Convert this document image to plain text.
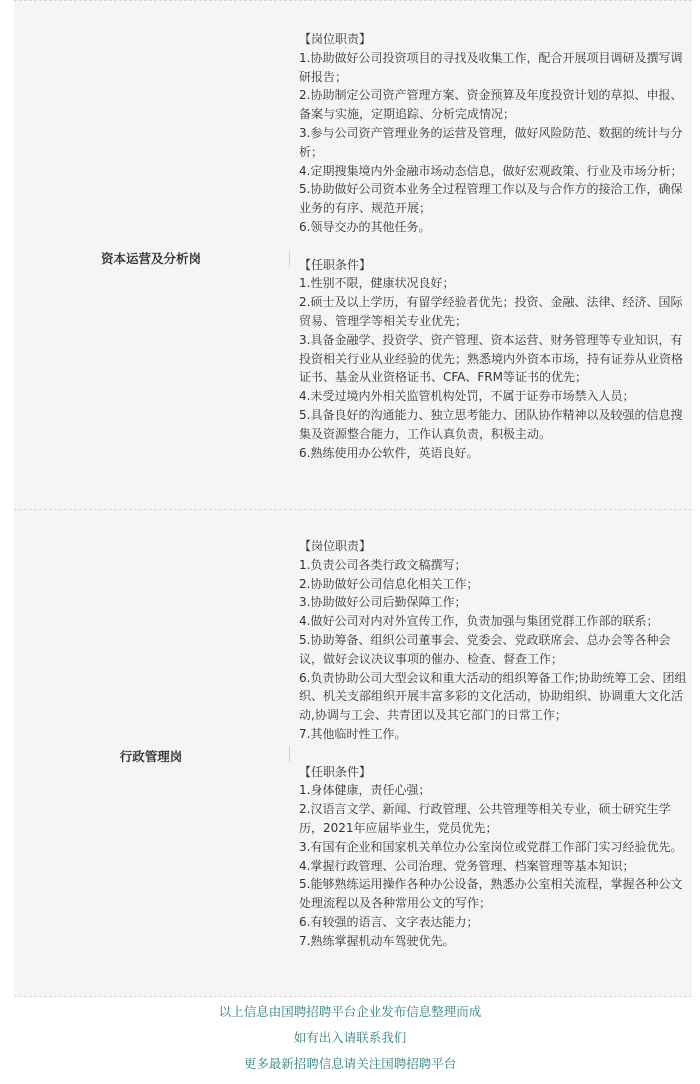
资本运营及分析岗

【岗位职责】

1.协助做好公司投资项目的寻找及收集工作，配合开展项目调研及撰写调研报告；

2.协助制定公司资产管理方案、资金预算及年度投资计划的草拟、申报、备案与实施，定期追踪、分析完成情况；

3.参与公司资产管理业务的运营及管理，做好风险防范、数据的统计与分析；

4.定期搜集境内外金融市场动态信息，做好宏观政策、行业及市场分析；

5.协助做好公司资本业务全过程管理工作以及与合作方的接洽工作，确保业务的有序、规范开展；

6.领导交办的其他任务。

【任职条件】

1.性别不限，健康状况良好；

2.硕士及以上学历，有留学经验者优先；投资、金融、法律、经济、国际贸易、管理学等相关专业优先；

3.具备金融学、投资学、资产管理、资本运营、财务管理等专业知识，有投资相关行业从业经验的优先；熟悉境内外资本市场，持有证券从业资格证书、基金从业资格证书、CFA、FRM等证书的优先；

4.未受过境内外相关监管机构处罚，不属于证券市场禁入人员；

5.具备良好的沟通能力、独立思考能力、团队协作精神以及较强的信息搜集及资源整合能力，工作认真负责，积极主动。

6.熟练使用办公软件，英语良好。

行政管理岗

【岗位职责】

1.负责公司各类行政文稿撰写；

2.协助做好公司信息化相关工作；

3.协助做好公司后勤保障工作；

4.做好公司对内对外宣传工作，负责加强与集团党群工作部的联系；

5.协助筹备、组织公司董事会、党委会、党政联席会、总办会等各种会议，做好会议决议事项的催办、检查、督查工作；

6.负责协助公司大型会议和重大活动的组织筹备工作;协助统筹工会、团组织、机关支部组织开展丰富多彩的文化活动，协助组织、协调重大文化活动,协调与工会、共青团以及其它部门的日常工作；

7.其他临时性工作。

【任职条件】

1.身体健康，责任心强；

2.汉语言文学、新闻、行政管理、公共管理等相关专业，硕士研究生学历，2021年应届毕业生，党员优先；

3.有国有企业和国家机关单位办公室岗位或党群工作部门实习经验优先。

4.掌握行政管理、公司治理、党务管理、档案管理等基本知识；

5.能够熟练运用操作各种办公设备，熟悉办公室相关流程，掌握各种公文处理流程以及各种常用公文的写作；

6.有较强的语言、文字表达能力；

7.熟练掌握机动车驾驶优先。

以上信息由国聘招聘平台企业发布信息整理而成
如有出入请联系我们
更多最新招聘信息请关注国聘招聘平台
